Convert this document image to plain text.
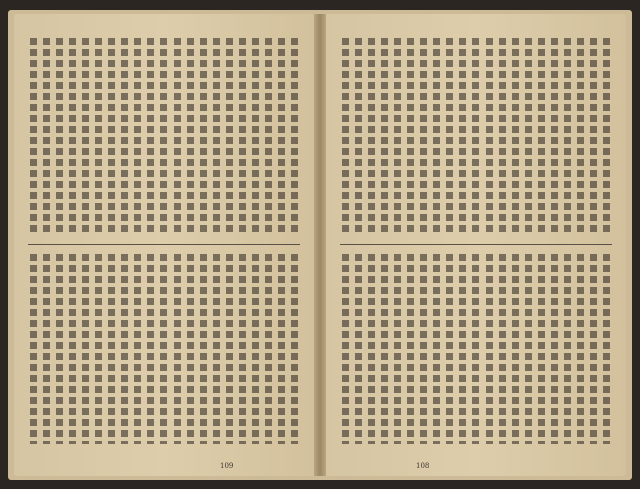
109	108
